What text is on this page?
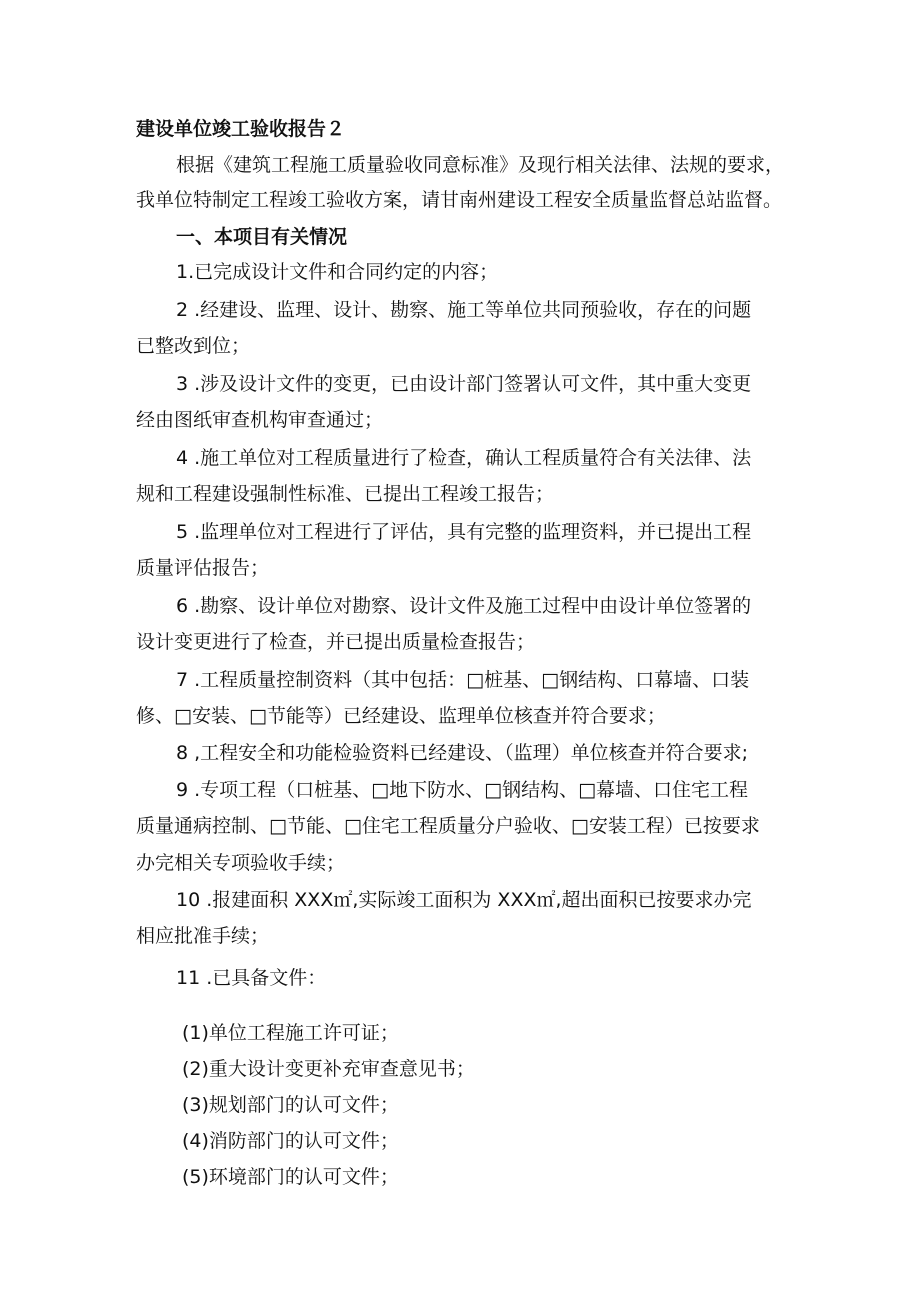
建设单位竣工验收报告２
根据《建筑工程施工质量验收同意标准》及现行相关法律、法规的要求，
我单位特制定工程竣工验收方案，请甘南州建设工程安全质量监督总站监督。
一、本项目有关情况
1.已完成设计文件和合同约定的内容；
2 .经建设、监理、设计、勘察、施工等单位共同预验收，存在的问题
已整改到位；
3 .涉及设计文件的变更，已由设计部门签署认可文件，其中重大变更
经由图纸审查机构审查通过；
4 .施工单位对工程质量进行了检查，确认工程质量符合有关法律、法
规和工程建设强制性标准、已提出工程竣工报告；
5 .监理单位对工程进行了评估，具有完整的监理资料，并已提出工程
质量评估报告；
6 .勘察、设计单位对勘察、设计文件及施工过程中由设计单位签署的
设计变更进行了检查，并已提出质量检查报告；
7 .工程质量控制资料（其中包括：□桩基、□钢结构、口幕墙、口装
修、□安装、□节能等）已经建设、监理单位核查并符合要求；
8 ,工程安全和功能检验资料已经建设、（监理）单位核查并符合要求;
9 .专项工程（口桩基、□地下防水、□钢结构、□幕墙、口住宅工程
质量通病控制、□节能、□住宅工程质量分户验收、□安装工程）已按要求
办完相关专项验收手续；
10 .报建面积 XXX㎡,实际竣工面积为 XXX㎡,超出面积已按要求办完
相应批准手续；
11 .已具备文件：
(1)单位工程施工许可证；
(2)重大设计变更补充审查意见书；
(3)规划部门的认可文件；
(4)消防部门的认可文件；
(5)环境部门的认可文件；
